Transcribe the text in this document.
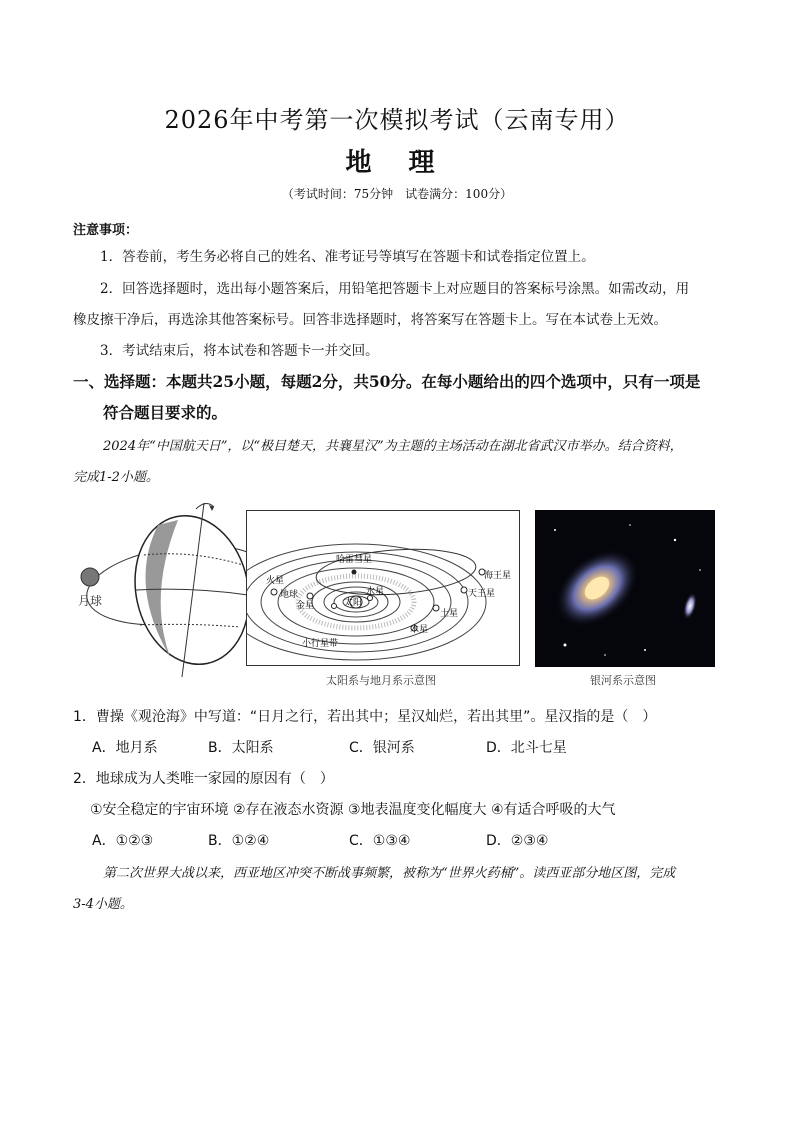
2026年中考第一次模拟考试（云南专用）
地 理
（考试时间：75分钟　试卷满分：100分）
注意事项：
1．答卷前，考生务必将自己的姓名、准考证号等填写在答题卡和试卷指定位置上。
2．回答选择题时，选出每小题答案后，用铅笔把答题卡上对应题目的答案标号涂黑。如需改动，用
橡皮擦干净后，再选涂其他答案标号。回答非选择题时，将答案写在答题卡上。写在本试卷上无效。
3．考试结束后，将本试卷和答题卡一并交回。
一、选择题：本题共25小题，每题2分，共50分。在每小题给出的四个选项中，只有一项是
符合题目要求的。
2024年“中国航天日”，以“极目楚天，共襄星汉”为主题的主场活动在湖北省武汉市举办。结合资料，
完成1-2小题。
月球
火星
地球
金星	太阳
水星
哈雷彗星
海王星
天王星
土星
木星
小行星带
太阳系与地月系示意图	银河系示意图
1．曹操《观沧海》中写道：“日月之行，若出其中；星汉灿烂，若出其里”。星汉指的是（　）
A．地月系	B．太阳系	C．银河系	D．北斗七星
2．地球成为人类唯一家园的原因有（　）
①安全稳定的宇宙环境 ②存在液态水资源 ③地表温度变化幅度大 ④有适合呼吸的大气
A．①②③	B．①②④	C．①③④	D．②③④
第二次世界大战以来，西亚地区冲突不断战事频繁，被称为“世界火药桶”。读西亚部分地区图，完成
3-4小题。
